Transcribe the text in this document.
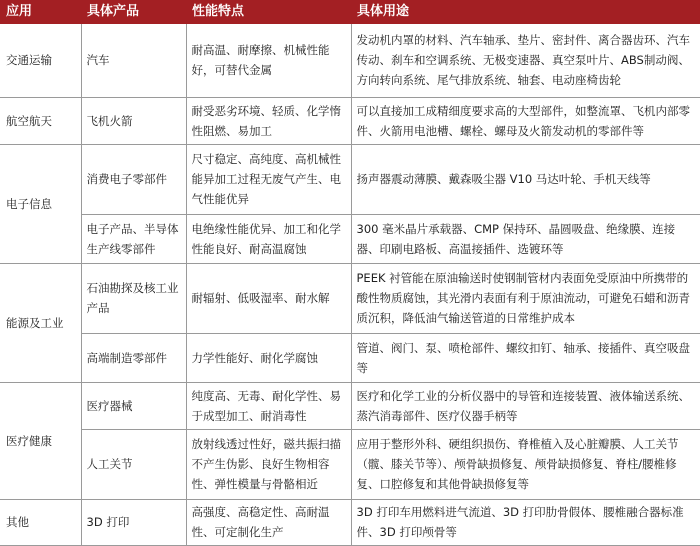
应用	具体产品	性能特点	具体用途
交通运输	汽车	耐高温、耐摩擦、机械性能好，可替代金属	发动机内罩的材料、汽车轴承、垫片、密封件、离合器齿环、汽车传动、刹车和空调系统、无极变速器、真空泵叶片、ABS制动阀、方向转向系统、尾气排放系统、轴套、电动座椅齿轮
航空航天	飞机火箭	耐受恶劣环境、轻质、化学惰性阻燃、易加工	可以直接加工成精细度要求高的大型部件，如整流罩、飞机内部零件、火箭用电池槽、螺栓、螺母及火箭发动机的零部件等
电子信息	消费电子零部件	尺寸稳定、高纯度、高机械性能异加工过程无废气产生、电气性能优异	扬声器震动薄膜、戴森吸尘器 V10 马达叶轮、手机天线等
	电子产品、半导体生产线零部件	电绝缘性能优异、加工和化学性能良好、耐高温腐蚀	300 毫米晶片承载器、CMP 保持环、晶圆吸盘、绝缘膜、连接器、印刷电路板、高温接插件、选镀环等
能源及工业	石油勘探及核工业产品	耐辐射、低吸湿率、耐水解	PEEK 衬管能在原油输送时使钢制管材内表面免受原油中所携带的酸性物质腐蚀，其光滑内表面有利于原油流动，可避免石蜡和沥青质沉积，降低油气输送管道的日常维护成本
	高端制造零部件	力学性能好、耐化学腐蚀	管道、阀门、泵、喷枪部件、螺纹扣钉、轴承、接插件、真空吸盘等
医疗健康	医疗器械	纯度高、无毒、耐化学性、易于成型加工、耐消毒性	医疗和化学工业的分析仪器中的导管和连接装置、液体输送系统、蒸汽消毒部件、医疗仪器手柄等
	人工关节	放射线透过性好，磁共振扫描不产生伪影、良好生物相容性、弹性模量与骨骼相近	应用于整形外科、硬组织损伤、脊椎植入及心脏瓣膜、人工关节（髋、膝关节等）、颅骨缺损修复、颅骨缺损修复、脊柱/腰椎修复、口腔修复和其他骨缺损修复等
其他	3D 打印	高强度、高稳定性、高耐温性、可定制化生产	3D 打印车用燃料进气流道、3D 打印肋骨假体、腰椎融合器标准件、3D 打印颅骨等
